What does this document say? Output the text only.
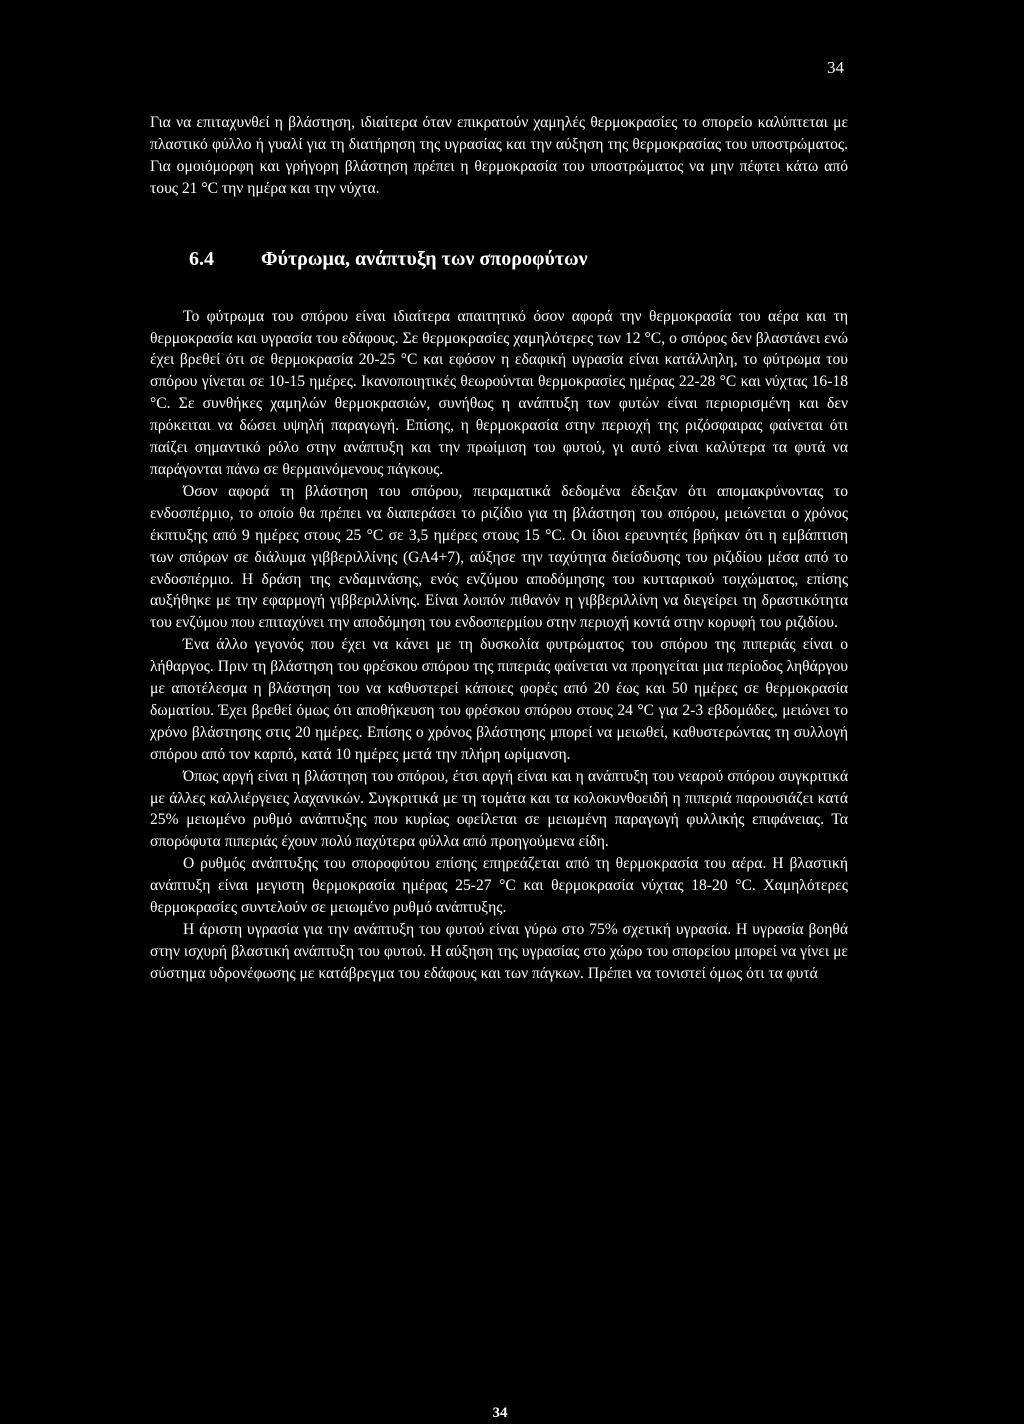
34

Για να επιταχυνθεί η βλάστηση, ιδιαίτερα όταν επικρατούν χαμηλές θερμοκρασίες το σπορείο καλύπτεται με πλαστικό φύλλο ή γυαλί για τη διατήρηση της υγρασίας και την αύξηση της θερμοκρασίας του υποστρώματος. Για ομοιόμορφη και γρήγορη βλάστηση πρέπει η θερμοκρασία του υποστρώματος να μην πέφτει κάτω από τους 21 °C την ημέρα και την νύχτα.

6.4	Φύτρωμα, ανάπτυξη των σποροφύτων

Το φύτρωμα του σπόρου είναι ιδιαίτερα απαιτητικό όσον αφορά την θερμοκρασία του αέρα και τη θερμοκρασία και υγρασία του εδάφους. Σε θερμοκρασίες χαμηλότερες των 12 °C, ο σπόρος δεν βλαστάνει ενώ έχει βρεθεί ότι σε θερμοκρασία 20-25 °C και εφόσον η εδαφική υγρασία είναι κατάλληλη, το φύτρωμα του σπόρου γίνεται σε 10-15 ημέρες. Ικανοποιητικές θεωρούνται θερμοκρασίες ημέρας 22-28 °C και νύχτας 16-18 °C. Σε συνθήκες χαμηλών θερμοκρασιών, συνήθως η ανάπτυξη των φυτών είναι περιορισμένη και δεν πρόκειται να δώσει υψηλή παραγωγή. Επίσης, η θερμοκρασία στην περιοχή της ριζόσφαιρας φαίνεται ότι παίζει σημαντικό ρόλο στην ανάπτυξη και την πρωίμιση του φυτού, γι αυτό είναι καλύτερα τα φυτά να παράγονται πάνω σε θερμαινόμενους πάγκους.

Όσον αφορά τη βλάστηση του σπόρου, πειραματικά δεδομένα έδειξαν ότι απομακρύνοντας το ενδοσπέρμιο, το οποίο θα πρέπει να διαπεράσει το ριζίδιο για τη βλάστηση του σπόρου, μειώνεται ο χρόνος έκπτυξης από 9 ημέρες στους 25 °C σε 3,5 ημέρες στους 15 °C. Οι ίδιοι ερευνητές βρήκαν ότι η εμβάπτιση των σπόρων σε διάλυμα γιββεριλλίνης (GA4+7), αύξησε την ταχύτητα διείσδυσης του ριζιδίου μέσα από το ενδοσπέρμιο. Η δράση της ενδαμινάσης, ενός ενζύμου αποδόμησης του κυτταρικού τοιχώματος, επίσης αυξήθηκε με την εφαρμογή γιββεριλλίνης. Είναι λοιπόν πιθανόν η γιββεριλλίνη να διεγείρει τη δραστικότητα του ενζύμου που επιταχύνει την αποδόμηση του ενδοσπερμίου στην περιοχή κοντά στην κορυφή του ριζιδίου.

Ένα άλλο γεγονός που έχει να κάνει με τη δυσκολία φυτρώματος του σπόρου της πιπεριάς είναι ο λήθαργος. Πριν τη βλάστηση του φρέσκου σπόρου της πιπεριάς φαίνεται να προηγείται μια περίοδος ληθάργου με αποτέλεσμα η βλάστηση του να καθυστερεί κάποιες φορές από 20 έως και 50 ημέρες σε θερμοκρασία δωματίου. Έχει βρεθεί όμως ότι αποθήκευση του φρέσκου σπόρου στους 24 °C για 2-3 εβδομάδες, μειώνει το χρόνο βλάστησης στις 20 ημέρες. Επίσης ο χρόνος βλάστησης μπορεί να μειωθεί, καθυστερώντας τη συλλογή σπόρου από τον καρπό, κατά 10 ημέρες μετά την πλήρη ωρίμανση.

Όπως αργή είναι η βλάστηση του σπόρου, έτσι αργή είναι και η ανάπτυξη του νεαρού σπόρου συγκριτικά με άλλες καλλιέργειες λαχανικών. Συγκριτικά με τη τομάτα και τα κολοκυνθοειδή η πιπεριά παρουσιάζει κατά 25% μειωμένο ρυθμό ανάπτυξης που κυρίως οφείλεται σε μειωμένη παραγωγή φυλλικής επιφάνειας. Τα σπορόφυτα πιπεριάς έχουν πολύ παχύτερα φύλλα από προηγούμενα είδη.

Ο ρυθμός ανάπτυξης του σποροφύτου επίσης επηρεάζεται από τη θερμοκρασία του αέρα. Η βλαστική ανάπτυξη είναι μεγιστη θερμοκρασία ημέρας 25-27 °C και θερμοκρασία νύχτας 18-20 °C. Χαμηλότερες θερμοκρασίες συντελούν σε μειωμένο ρυθμό ανάπτυξης.

Η άριστη υγρασία για την ανάπτυξη του φυτού είναι γύρω στο 75% σχετική υγρασία. Η υγρασία βοηθά στην ισχυρή βλαστική ανάπτυξη του φυτού. Η αύξηση της υγρασίας στο χώρο του σπορείου μπορεί να γίνει με σύστημα υδρονέφωσης με κατάβρεγμα του εδάφους και των πάγκων. Πρέπει να τονιστεί όμως ότι τα φυτά

34
